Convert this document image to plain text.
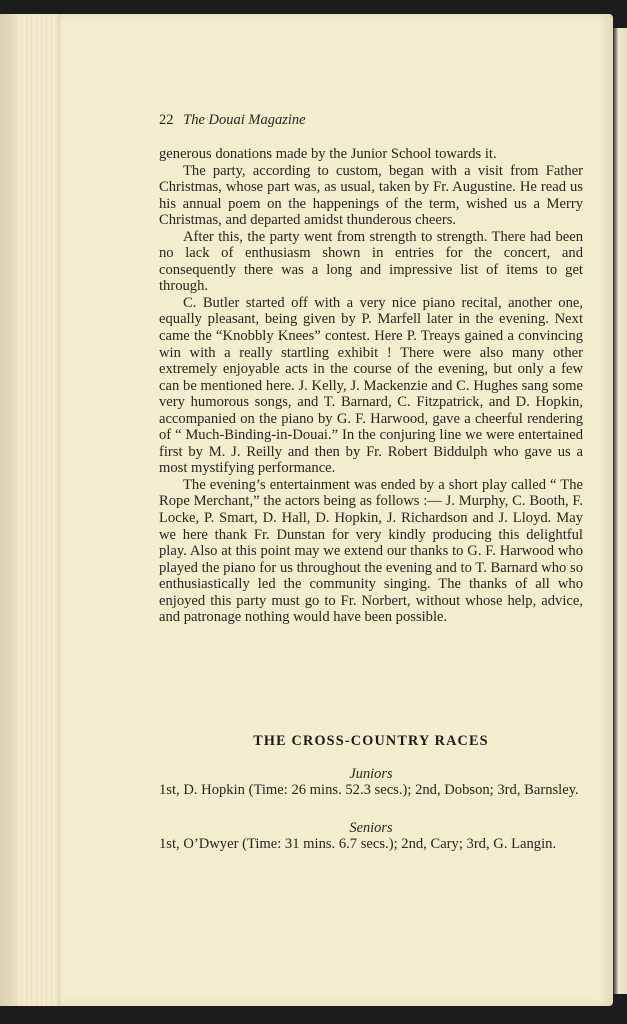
22 The Douai Magazine

generous donations made by the Junior School towards it.

The party, according to custom, began with a visit from Father Christmas, whose part was, as usual, taken by Fr. Augustine. He read us his annual poem on the happenings of the term, wished us a Merry Christmas, and departed amidst thunderous cheers.

After this, the party went from strength to strength. There had been no lack of enthusiasm shown in entries for the concert, and consequently there was a long and impressive list of items to get through.

C. Butler started off with a very nice piano recital, another one, equally pleasant, being given by P. Marfell later in the evening. Next came the “Knobbly Knees” contest. Here P. Treays gained a convincing win with a really startling exhibit ! There were also many other extremely enjoyable acts in the course of the evening, but only a few can be mentioned here. J. Kelly, J. Mackenzie and C. Hughes sang some very humorous songs, and T. Barnard, C. Fitzpatrick, and D. Hopkin, accompanied on the piano by G. F. Harwood, gave a cheerful rendering of “ Much-Binding-in-Douai.” In the conjuring line we were entertained first by M. J. Reilly and then by Fr. Robert Biddulph who gave us a most mystifying performance.

The evening’s entertainment was ended by a short play called “ The Rope Merchant,” the actors being as follows :— J. Murphy, C. Booth, F. Locke, P. Smart, D. Hall, D. Hopkin, J. Richardson and J. Lloyd. May we here thank Fr. Dunstan for very kindly producing this delightful play. Also at this point may we extend our thanks to G. F. Harwood who played the piano for us throughout the evening and to T. Barnard who so enthusiastically led the community singing. The thanks of all who enjoyed this party must go to Fr. Norbert, without whose help, advice, and patronage nothing would have been possible.

THE CROSS-COUNTRY RACES
Juniors
1st, D. Hopkin (Time: 26 mins. 52.3 secs.); 2nd, Dobson; 3rd, Barnsley.
Seniors
1st, O’Dwyer (Time: 31 mins. 6.7 secs.); 2nd, Cary; 3rd, G. Langin.
